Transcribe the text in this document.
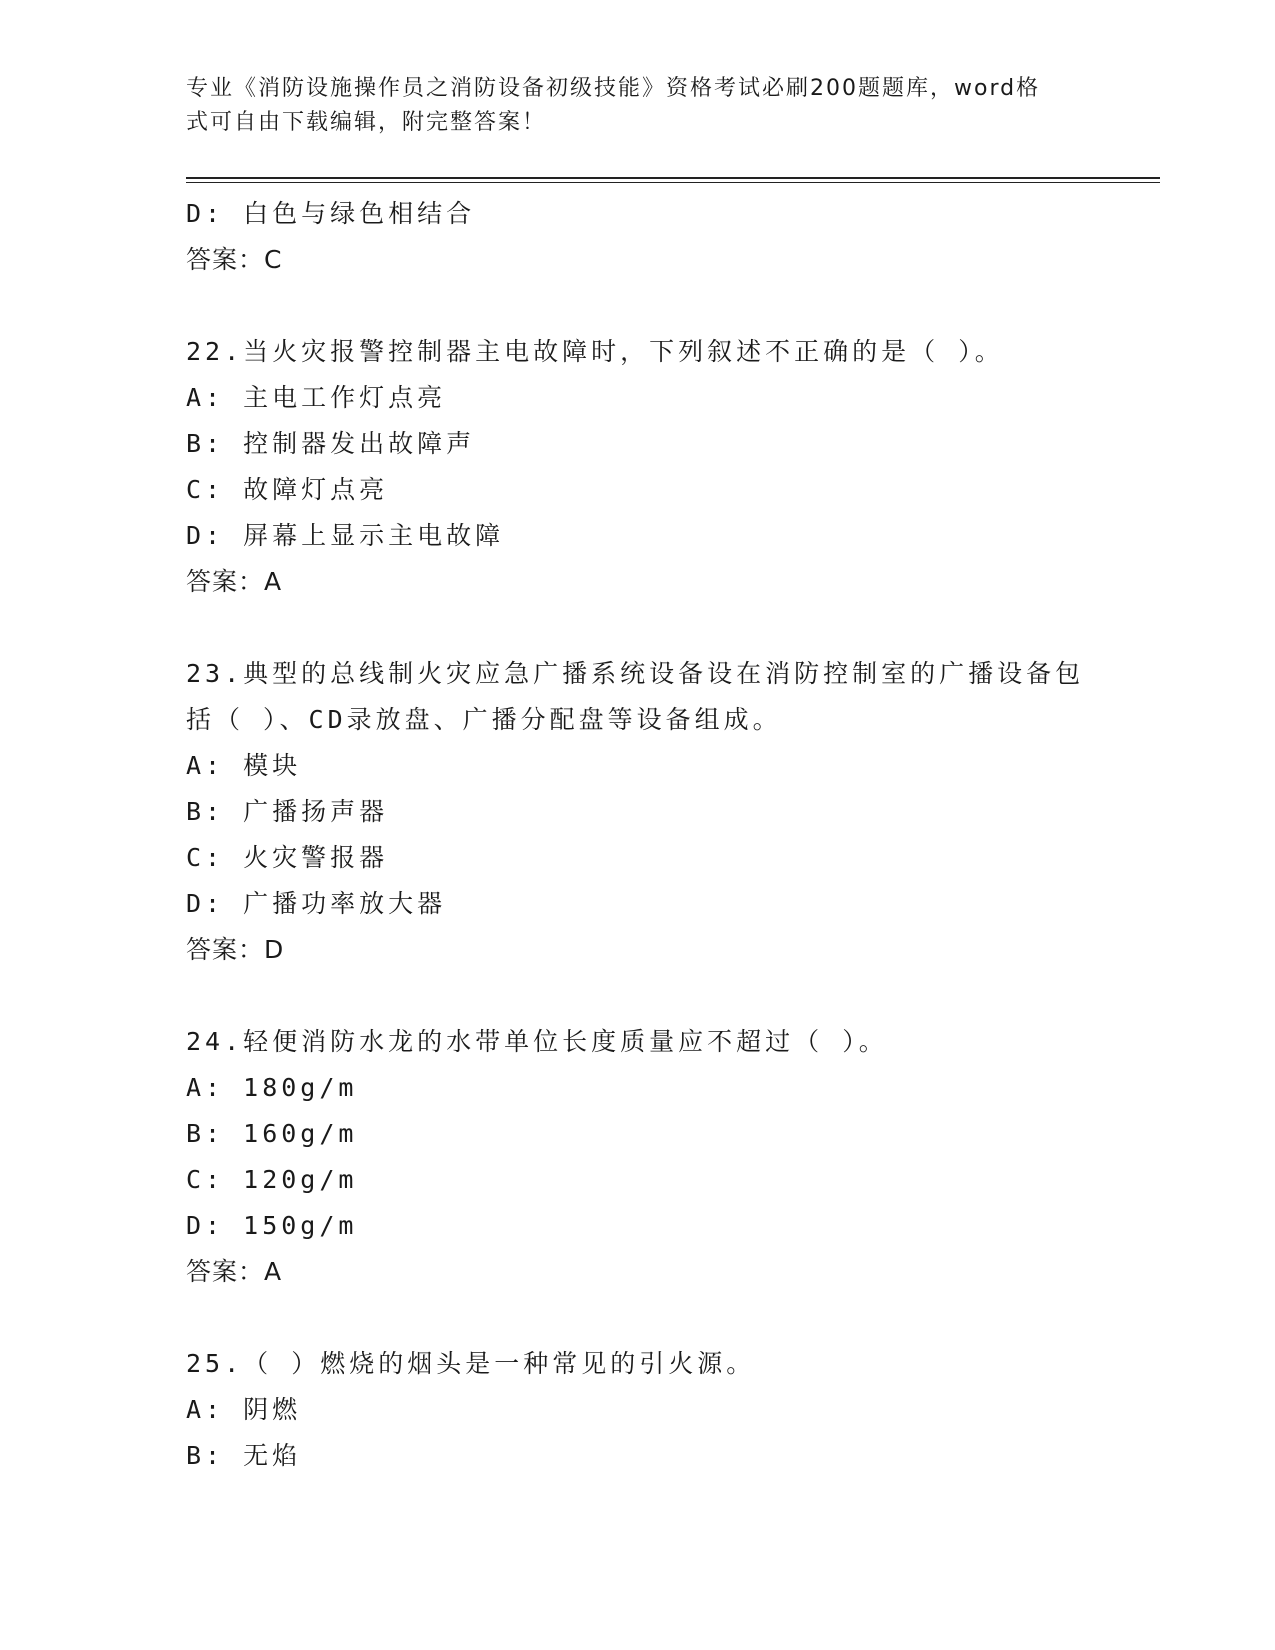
专业《消防设施操作员之消防设备初级技能》资格考试必刷200题题库，word格
式可自由下载编辑，附完整答案！
D: 白色与绿色相结合
答案：C
22.当火灾报警控制器主电故障时，下列叙述不正确的是（ ）。
A: 主电工作灯点亮
B: 控制器发出故障声
C: 故障灯点亮
D: 屏幕上显示主电故障
答案：A
23.典型的总线制火灾应急广播系统设备设在消防控制室的广播设备包
括（ ）、CD录放盘、广播分配盘等设备组成。
A: 模块
B: 广播扬声器
C: 火灾警报器
D: 广播功率放大器
答案：D
24.轻便消防水龙的水带单位长度质量应不超过（ ）。
A: 180g/m
B: 160g/m
C: 120g/m
D: 150g/m
答案：A
25.（ ）燃烧的烟头是一种常见的引火源。
A: 阴燃
B: 无焰
